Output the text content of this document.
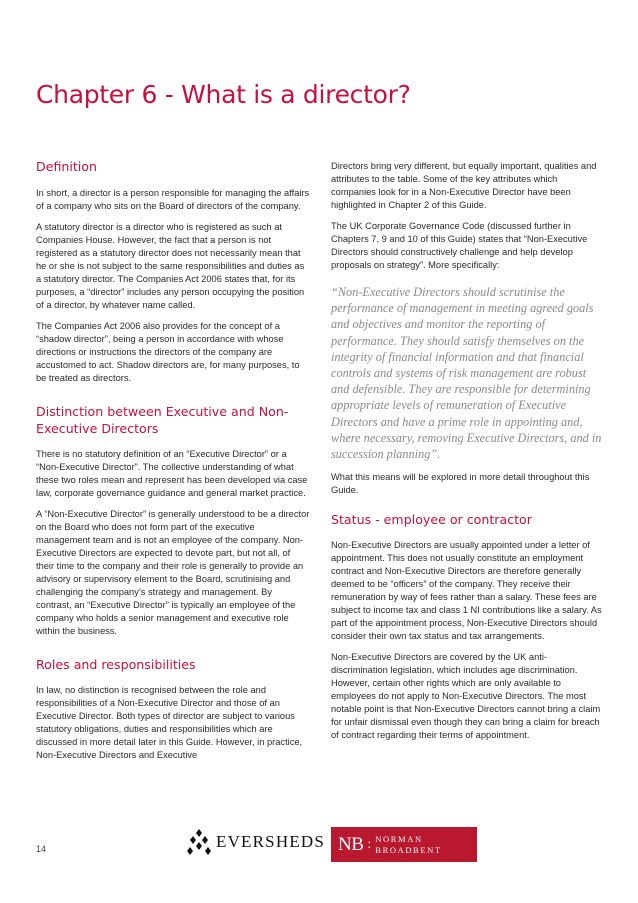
Chapter 6 - What is a director?
Definition

In short, a director is a person responsible for managing the affairs of a company who sits on the Board of directors of the company.

A statutory director is a director who is registered as such at Companies House. However, the fact that a person is not registered as a statutory director does not necessarily mean that he or she is not subject to the same responsibilities and duties as a statutory director. The Companies Act 2006 states that, for its purposes, a “director” includes any person occupying the position of a director, by whatever name called.

The Companies Act 2006 also provides for the concept of a “shadow director”, being a person in accordance with whose directions or instructions the directors of the company are accustomed to act. Shadow directors are, for many purposes, to be treated as directors.

Distinction between Executive and Non-Executive Directors

There is no statutory definition of an “Executive Director” or a “Non-Executive Director”. The collective understanding of what these two roles mean and represent has been developed via case law, corporate governance guidance and general market practice.

A “Non-Executive Director” is generally understood to be a director on the Board who does not form part of the executive management team and is not an employee of the company. Non-Executive Directors are expected to devote part, but not all, of their time to the company and their role is generally to provide an advisory or supervisory element to the Board, scrutinising and challenging the company’s strategy and management. By contrast, an “Executive Director” is typically an employee of the company who holds a senior management and executive role within the business.

Roles and responsibilities

In law, no distinction is recognised between the role and responsibilities of a Non-Executive Director and those of an Executive Director. Both types of director are subject to various statutory obligations, duties and responsibilities which are discussed in more detail later in this Guide. However, in practice, Non-Executive Directors and Executive

Directors bring very different, but equally important, qualities and attributes to the table. Some of the key attributes which companies look for in a Non-Executive Director have been highlighted in Chapter 2 of this Guide.

The UK Corporate Governance Code (discussed further in Chapters 7, 9 and 10 of this Guide) states that “Non-Executive Directors should constructively challenge and help develop proposals on strategy”. More specifically:

“Non-Executive Directors should scrutinise the performance of management in meeting agreed goals and objectives and monitor the reporting of performance. They should satisfy themselves on the integrity of financial information and that financial controls and systems of risk management are robust and defensible. They are responsible for determining appropriate levels of remuneration of Executive Directors and have a prime role in appointing and, where necessary, removing Executive Directors, and in succession planning”.

What this means will be explored in more detail throughout this Guide.

Status - employee or contractor

Non-Executive Directors are usually appointed under a letter of appointment. This does not usually constitute an employment contract and Non-Executive Directors are therefore generally deemed to be “officers” of the company. They receive their remuneration by way of fees rather than a salary. These fees are subject to income tax and class 1 NI contributions like a salary. As part of the appointment process, Non-Executive Directors should consider their own tax status and tax arrangements.

Non-Executive Directors are covered by the UK anti-discrimination legislation, which includes age discrimination. However, certain other rights which are only available to employees do not apply to Non-Executive Directors. The most notable point is that Non-Executive Directors cannot bring a claim for unfair dismissal even though they can bring a claim for breach of contract regarding their terms of appointment.

14	EVERSHEDS NB : NORMAN
BROADBENT
